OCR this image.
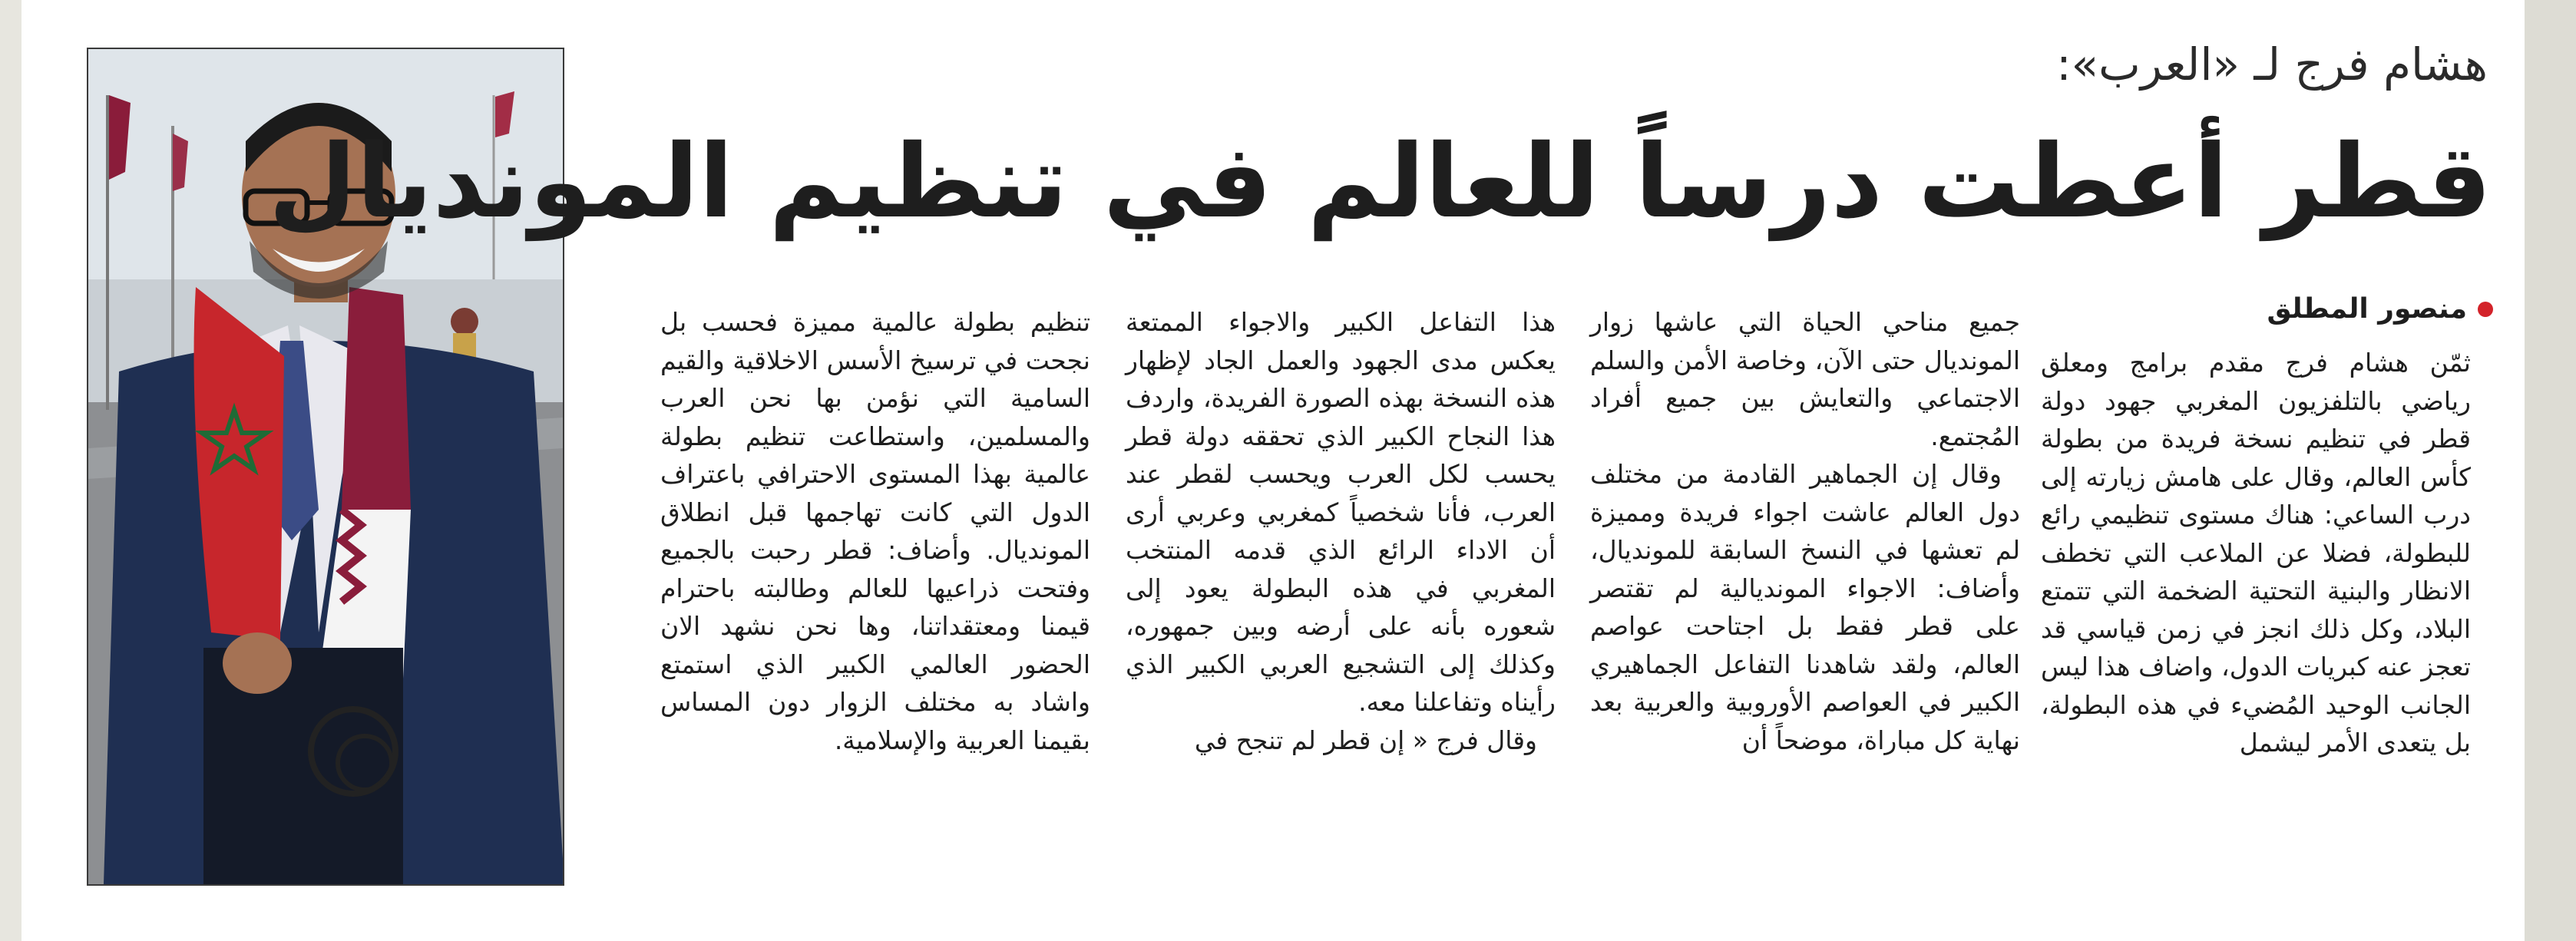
هشام فرج لـ «العرب»:
قطر أعطت درساً للعالم في تنظيم المونديال
منصور المطلق

ثمّن هشام فرج مقدم برامج ومعلق رياضي بالتلفزيون المغربي جهود دولة قطر في تنظيم نسخة فريدة من بطولة كأس العالم، وقال على هامش زيارته إلى درب الساعي: هناك مستوى تنظيمي رائع للبطولة، فضلا عن الملاعب التي تخطف الانظار والبنية التحتية الضخمة التي تتمتع البلاد، وكل ذلك انجز في زمن قياسي قد تعجز عنه كبريات الدول، واضاف هذا ليس الجانب الوحيد المُضيء في هذه البطولة، بل يتعدى الأمر ليشمل

جميع مناحي الحياة التي عاشها زوار المونديال حتى الآن، وخاصة الأمن والسلم الاجتماعي والتعايش بين جميع أفراد المُجتمع.

وقال إن الجماهير القادمة من مختلف دول العالم عاشت اجواء فريدة ومميزة لم تعشها في النسخ السابقة للمونديال، وأضاف: الاجواء المونديالية لم تقتصر على قطر فقط بل اجتاحت عواصم العالم، ولقد شاهدنا التفاعل الجماهيري الكبير في العواصم الأوروبية والعربية بعد نهاية كل مباراة، موضحاً أن

هذا التفاعل الكبير والاجواء الممتعة يعكس مدى الجهود والعمل الجاد لإظهار هذه النسخة بهذه الصورة الفريدة، واردف هذا النجاح الكبير الذي تحققه دولة قطر يحسب لكل العرب ويحسب لقطر عند العرب، فأنا شخصياً كمغربي وعربي أرى أن الاداء الرائع الذي قدمه المنتخب المغربي في هذه البطولة يعود إلى شعوره بأنه على أرضه وبين جمهوره، وكذلك إلى التشجيع العربي الكبير الذي رأيناه وتفاعلنا معه.

وقال فرج « إن قطر لم تنجح في

تنظيم بطولة عالمية مميزة فحسب بل نجحت في ترسيخ الأسس الاخلاقية والقيم السامية التي نؤمن بها نحن العرب والمسلمين، واستطاعت تنظيم بطولة عالمية بهذا المستوى الاحترافي باعتراف الدول التي كانت تهاجمها قبل انطلاق المونديال. وأضاف: قطر رحبت بالجميع وفتحت ذراعيها للعالم وطالبته باحترام قيمنا ومعتقداتنا، وها نحن نشهد الان الحضور العالمي الكبير الذي استمتع واشاد به مختلف الزوار دون المساس بقيمنا العربية والإسلامية.
